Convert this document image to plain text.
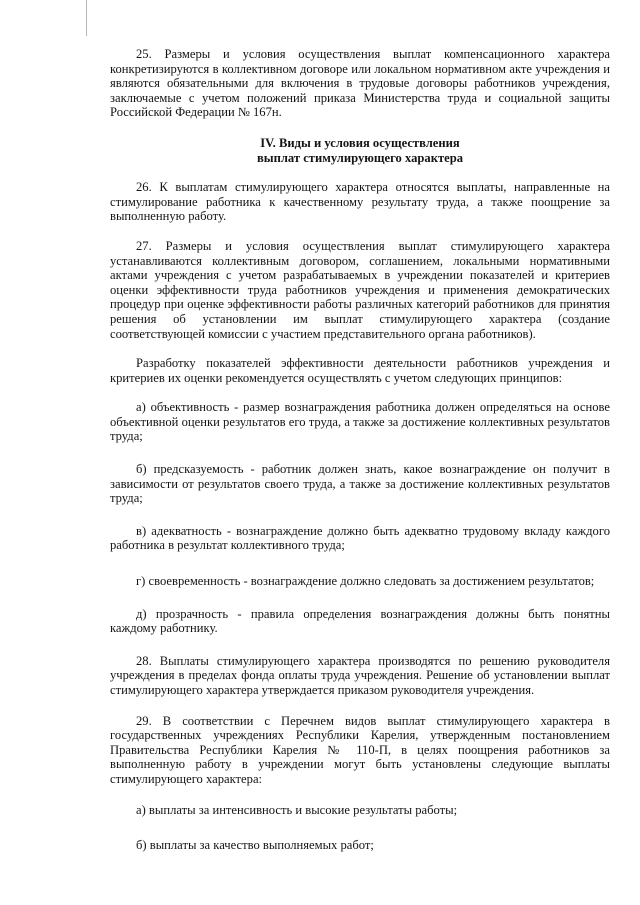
25. Размеры и условия осуществления выплат компенсационного характера конкретизируются в коллективном договоре или локальном нормативном акте учреждения и являются обязательными для включения в трудовые договоры работников учреждения, заключаемые с учетом положений приказа Министерства труда и социальной защиты Российской Федерации № 167н.

IV. Виды и условия осуществления
выплат стимулирующего характера

26. К выплатам стимулирующего характера относятся выплаты, направленные на стимулирование работника к качественному результату труда, а также поощрение за выполненную работу.

27. Размеры и условия осуществления выплат стимулирующего характера устанавливаются коллективным договором, соглашением, локальными нормативными актами учреждения с учетом разрабатываемых в учреждении показателей и критериев оценки эффективности труда работников учреждения и применения демократических процедур при оценке эффективности работы различных категорий работников для принятия решения об установлении им выплат стимулирующего характера (создание соответствующей комиссии с участием представительного органа работников).

Разработку показателей эффективности деятельности работников учреждения и критериев их оценки рекомендуется осуществлять с учетом следующих принципов:

а) объективность - размер вознаграждения работника должен определяться на основе объективной оценки результатов его труда, а также за достижение коллективных результатов труда;

б) предсказуемость - работник должен знать, какое вознаграждение он получит в зависимости от результатов своего труда, а также за достижение коллективных результатов труда;

в) адекватность - вознаграждение должно быть адекватно трудовому вкладу каждого работника в результат коллективного труда;

г) своевременность - вознаграждение должно следовать за достижением результатов;

д) прозрачность - правила определения вознаграждения должны быть понятны каждому работнику.

28. Выплаты стимулирующего характера производятся по решению руководителя учреждения в пределах фонда оплаты труда учреждения. Решение об установлении выплат стимулирующего характера утверждается приказом руководителя учреждения.

29. В соответствии с Перечнем видов выплат стимулирующего характера в государственных учреждениях Республики Карелия, утвержденным постановлением Правительства Республики Карелия № 110-П, в целях поощрения работников за выполненную работу в учреждении могут быть установлены следующие выплаты стимулирующего характера:

а) выплаты за интенсивность и высокие результаты работы;

б) выплаты за качество выполняемых работ;
